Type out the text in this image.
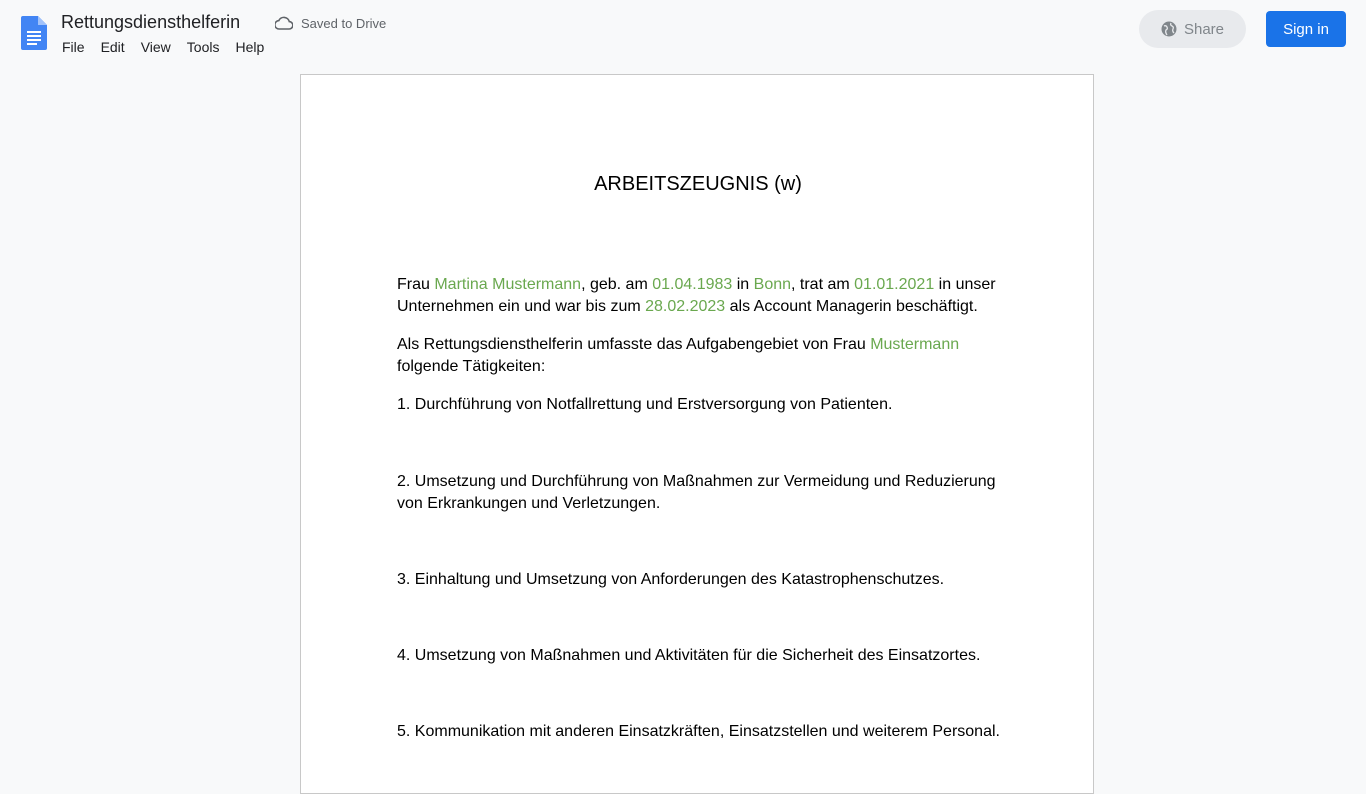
Rettungsdiensthelferin	Saved to Drive
File	Edit	View	Tools	Help
Share	Sign in
ARBEITSZEUGNIS (w)
Frau Martina Mustermann, geb. am 01.04.1983 in Bonn, trat am 01.01.2021 in unser Unternehmen ein und war bis zum 28.02.2023 als Account Managerin beschäftigt.
Als Rettungsdiensthelferin umfasste das Aufgabengebiet von Frau Mustermann folgende Tätigkeiten:
1. Durchführung von Notfallrettung und Erstversorgung von Patienten.
2. Umsetzung und Durchführung von Maßnahmen zur Vermeidung und Reduzierung von Erkrankungen und Verletzungen.
3. Einhaltung und Umsetzung von Anforderungen des Katastrophenschutzes.
4. Umsetzung von Maßnahmen und Aktivitäten für die Sicherheit des Einsatzortes.
5. Kommunikation mit anderen Einsatzkräften, Einsatzstellen und weiterem Personal.
